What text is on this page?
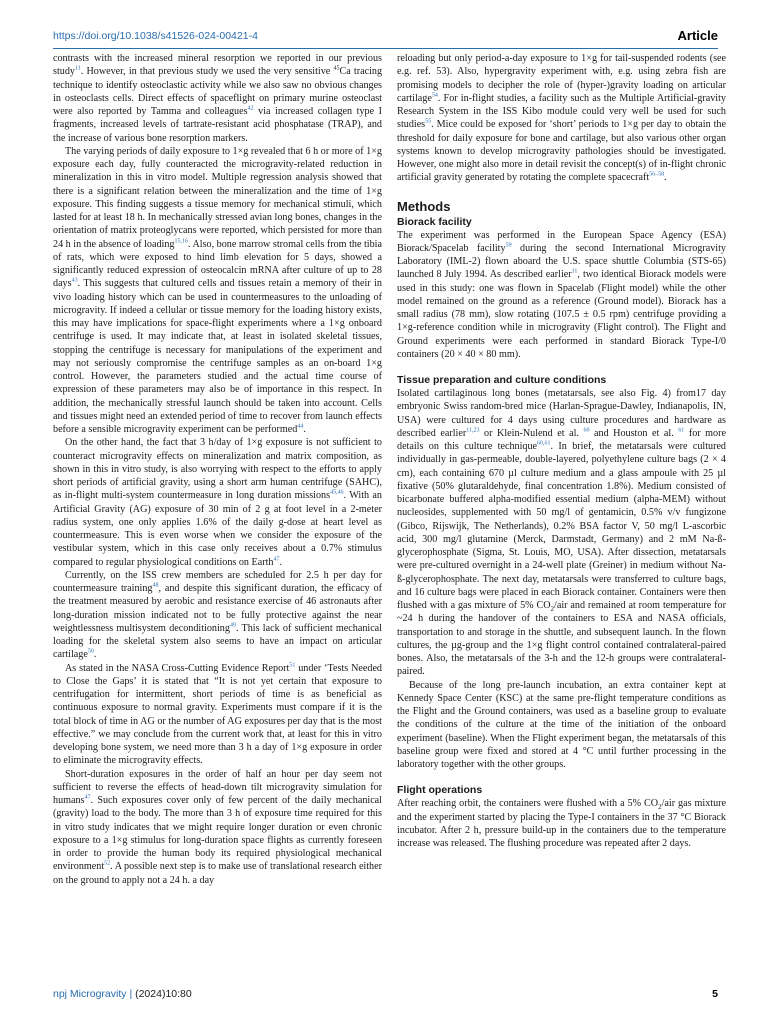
https://doi.org/10.1038/s41526-024-00421-4	Article

contrasts with the increased mineral resorption we reported in our previous study$^{11}$. However, in that previous study we used the very sensitive $^{45}$Ca tracing technique to identify osteoclastic activity while we also saw no obvious changes in osteoclasts cells. Direct effects of spaceflight on primary murine osteoclast were also reported by Tamma and colleagues$^{42}$ via increased collagen type I fragments, increased levels of tartrate-resistant acid phosphatase (TRAP), and the increase of various bone resorption markers.

The varying periods of daily exposure to 1×g revealed that 6 h or more of 1×g exposure each day, fully counteracted the microgravity-related reduction in mineralization in this in vitro model. Multiple regression analysis showed that there is a significant relation between the mineralization and the time of 1×g exposure. This finding suggests a tissue memory for mechanical stimuli, which lasted for at least 18 h. In mechanically stressed avian long bones, changes in the orientation of matrix proteoglycans were reported, which persisted for more than 24 h in the absence of loading$^{15,16}$. Also, bone marrow stromal cells from the tibia of rats, which were exposed to hind limb elevation for 5 days, showed a significantly reduced expression of osteocalcin mRNA after culture of up to 28 days$^{43}$. This suggests that cultured cells and tissues retain a memory of their in vivo loading history which can be used in countermeasures to the unloading of microgravity. If indeed a cellular or tissue memory for the loading history exists, this may have implications for space-flight experiments where a 1×g onboard centrifuge is used. It may indicate that, at least in isolated skeletal tissues, stopping the centrifuge is necessary for manipulations of the experiment and may not seriously compromise the centrifuge samples as an on-board 1×g control. However, the parameters studied and the actual time course of expression of these parameters may also be of importance in this respect. In addition, the mechanically stressful launch should be taken into account. Cells and tissues might need an extended period of time to recover from launch effects before a sensible microgravity experiment can be performed$^{44}$.

On the other hand, the fact that 3 h/day of 1×g exposure is not sufficient to counteract microgravity effects on mineralization and matrix composition, as shown in this in vitro study, is also worrying with respect to the efforts to apply short periods of artificial gravity, using a short arm human centrifuge (SAHC), as in-flight multi-system countermeasure in long duration missions$^{45,46}$. With an Artificial Gravity (AG) exposure of 30 min of 2 g at foot level in a 2-meter radius system, one only applies 1.6% of the daily g-dose at heart level as countermeasure. This is even worse when we consider the exposure of the vestibular system, which in this case only receives about a 0.7% stimulus compared to regular physiological conditions on Earth$^{47}$.

Currently, on the ISS crew members are scheduled for 2.5 h per day for countermeasure training$^{48}$, and despite this significant duration, the efficacy of the treatment measured by aerobic and resistance exercise of 46 astronauts after long-duration mission indicated not to be fully protective against the near weightlessness multisystem deconditioning$^{49}$. This lack of sufficient mechanical loading for the skeletal system also seems to have an impact on articular cartilage$^{50}$.

As stated in the NASA Cross-Cutting Evidence Report$^{51}$ under ‘Tests Needed to Close the Gaps’ it is stated that “It is not yet certain that exposure to centrifugation for intermittent, short periods of time is as beneficial as continuous exposure to normal gravity. Experiments must compare if it is the total block of time in AG or the number of AG exposures per day that is the most effective.” we may conclude from the current work that, at least for this in vitro developing bone system, we need more than 3 h a day of 1×g exposure in order to eliminate the microgravity effects.

Short-duration exposures in the order of half an hour per day seem not sufficient to reverse the effects of head-down tilt microgravity simulation for humans$^{47}$. Such exposures cover only of few percent of the daily mechanical (gravity) load to the body. The more than 3 h of exposure time required for this in vitro study indicates that we might require longer duration or even chronic exposure to a 1×g stimulus for long-duration space flights as currently foreseen in order to provide the human body its required physiological mechanical environment$^{52}$. A possible next step is to make use of translational research either on the ground to apply not a 24 h. a day

reloading but only period-a-day exposure to 1×g for tail-suspended rodents (see e.g. ref. 53). Also, hypergravity experiment with, e.g. using zebra fish are promising models to decipher the role of (hyper-)gravity loading on articular cartilage$^{54}$. For in-flight studies, a facility such as the Multiple Artificial-gravity Research System in the ISS Kibo module could very well be used for such studies$^{55}$. Mice could be exposed for ‘short’ periods to 1×g per day to obtain the threshold for daily exposure for bone and cartilage, but also various other organ systems known to develop microgravity pathologies should be investigated. However, one might also more in detail revisit the concept(s) of in-flight chronic artificial gravity generated by rotating the complete spacecraft$^{56-58}$.

Methods
Biorack facility

The experiment was performed in the European Space Agency (ESA) Biorack/Spacelab facility$^{59}$ during the second International Microgravity Laboratory (IML-2) flown aboard the U.S. space shuttle Columbia (STS-65) launched 8 July 1994. As described earlier$^{11}$, two identical Biorack models were used in this study: one was flown in Spacelab (Flight model) while the other model remained on the ground as a reference (Ground model). Biorack has a small radius (78 mm), slow rotating (107.5 ± 0.5 rpm) centrifuge providing a 1×g-reference condition while in microgravity (Flight control). The Flight and Ground experiments were each performed in standard Biorack Type-I/0 containers (20 × 40 × 80 mm).

Tissue preparation and culture conditions

Isolated cartilaginous long bones (metatarsals, see also Fig. 4) from17 day embryonic Swiss random-bred mice (Harlan-Sprague-Dawley, Indianapolis, IN, USA) were cultured for 4 days using culture procedures and hardware as described earlier$^{11,23}$ or Klein-Nulend et al. $^{60}$ and Houston et al. $^{61}$ for more details on this culture technique$^{60,61}$. In brief, the metatarsals were cultured individually in gas-permeable, double-layered, polyethylene culture bags (2 × 4 cm), each containing 670 µl culture medium and a glass ampoule with 25 µl fixative (50% glutaraldehyde, final concentration 1.8%). Medium consisted of bicarbonate buffered alpha-modified essential medium (alpha-MEM) without nucleosides, supplemented with 50 mg/l of gentamicin, 0.5% v/v fungizone (Gibco, Rijswijk, The Netherlands), 0.2% BSA factor V, 50 mg/l L-ascorbic acid, 300 mg/l glutamine (Merck, Darmstadt, Germany) and 2 mM Na-ß-glycerophosphate (Sigma, St. Louis, MO, USA). After dissection, metatarsals were pre-cultured overnight in a 24-well plate (Greiner) in medium without Na-ß-glycerophosphate. The next day, metatarsals were transferred to culture bags, and 16 culture bags were placed in each Biorack container. Containers were then flushed with a gas mixture of 5% $CO_2$/air and remained at room temperature for ~24 h during the handover of the containers to ESA and NASA officials, transportation to and storage in the shuttle, and subsequent launch. In the flown cultures, the µg-group and the 1×g flight control contained contralateral-paired bones. Also, the metatarsals of the 3-h and the 12-h groups were contralateral-paired.

Because of the long pre-launch incubation, an extra container kept at Kennedy Space Center (KSC) at the same pre-flight temperature conditions as the Flight and the Ground containers, was used as a baseline group to evaluate the conditions of the culture at the time of the initiation of the onboard experiment (baseline). When the Flight experiment began, the metatarsals of this baseline group were fixed and stored at 4 °C until further processing in the laboratory together with the other groups.

Flight operations

After reaching orbit, the containers were flushed with a 5% $CO_2$/air gas mixture and the experiment started by placing the Type-I containers in the 37 °C Biorack incubator. After 2 h, pressure build-up in the containers due to the temperature increase was released. The flushing procedure was repeated after 2 days.

npj Microgravity | (2024)10:80	5
